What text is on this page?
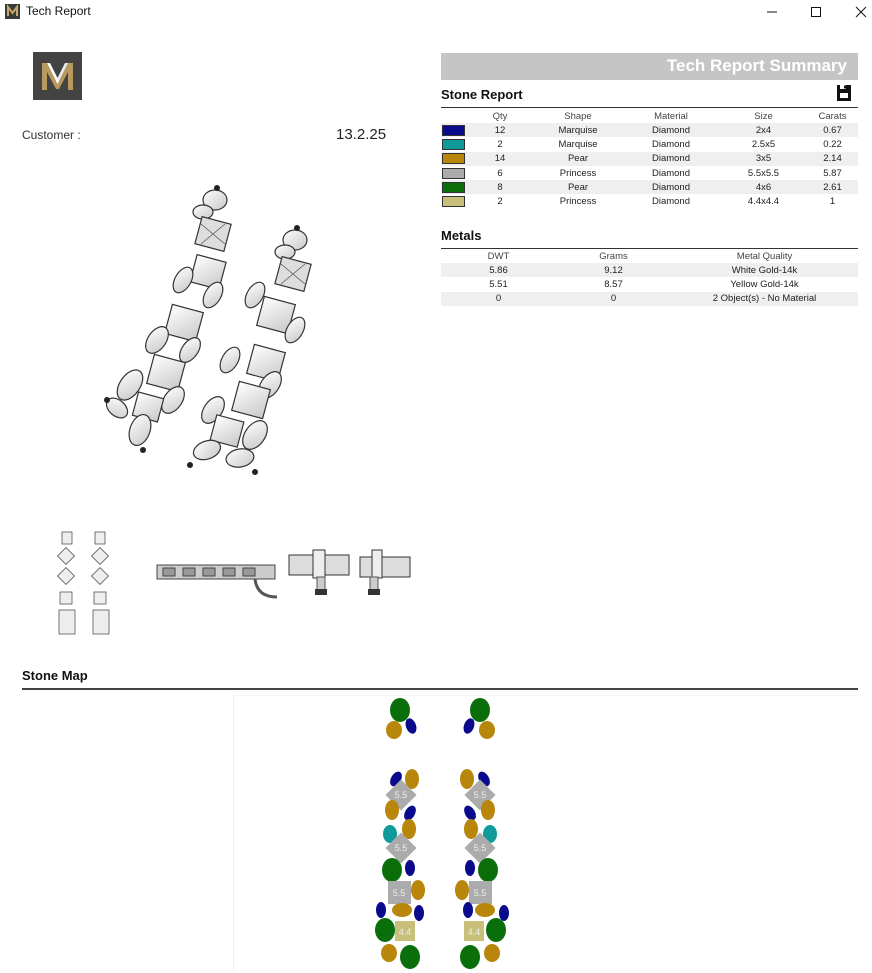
Tech Report
Customer :	13.2.25
Tech Report Summary
Stone Report
	Qty	Shape	Material	Size	Carats
	12	Marquise	Diamond	2x4	0.67
	2	Marquise	Diamond	2.5x5	0.22
	14	Pear	Diamond	3x5	2.14
	6	Princess	Diamond	5.5x5.5	5.87
	8	Pear	Diamond	4x6	2.61
	2	Princess	Diamond	4.4x4.4	1
Metals
DWT	Grams	Metal Quality
5.86	9.12	White Gold-14k
5.51	8.57	Yellow Gold-14k
0	0	2 Object(s) - No Material
Stone Map
5.5
5.5
5.5
4.4
5.5
5.5
5.5
4.4
